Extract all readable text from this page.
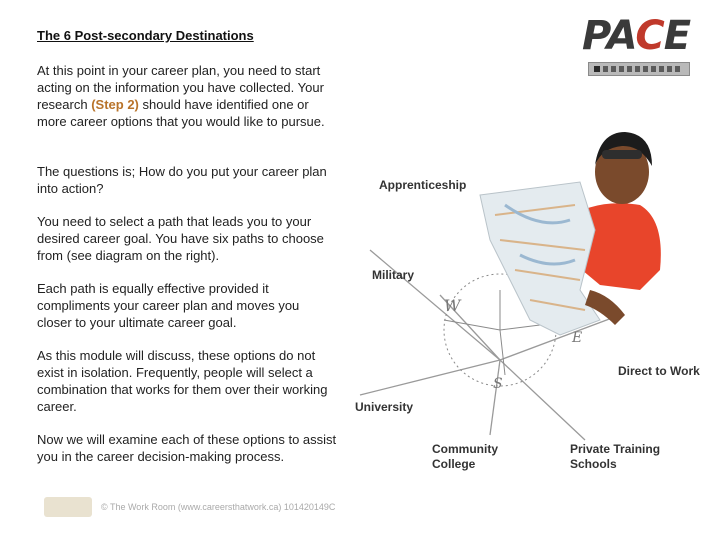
The 6 Post-secondary Destinations	PACE
At this point in your career plan, you need to start acting on the information you have collected. Your research (Step 2) should have identified one or more career options that you would like to pursue.
The questions is; How do you put your career plan into action?
You need to select a path that leads you to your desired career goal. You have six paths to choose from (see diagram on the right).
Each path is equally effective provided it compliments your career plan and moves you closer to your ultimate career goal.
As this module will discuss, these options do not exist in isolation. Frequently, people will select a combination that works for them over their working career.
Now we will examine each of these options to assist you in the career decision-making process.
W
E
S
Apprenticeship
Military
Direct to Work
University
Community College
Private Training Schools
© The Work Room (www.careersthatwork.ca) 101420149C
